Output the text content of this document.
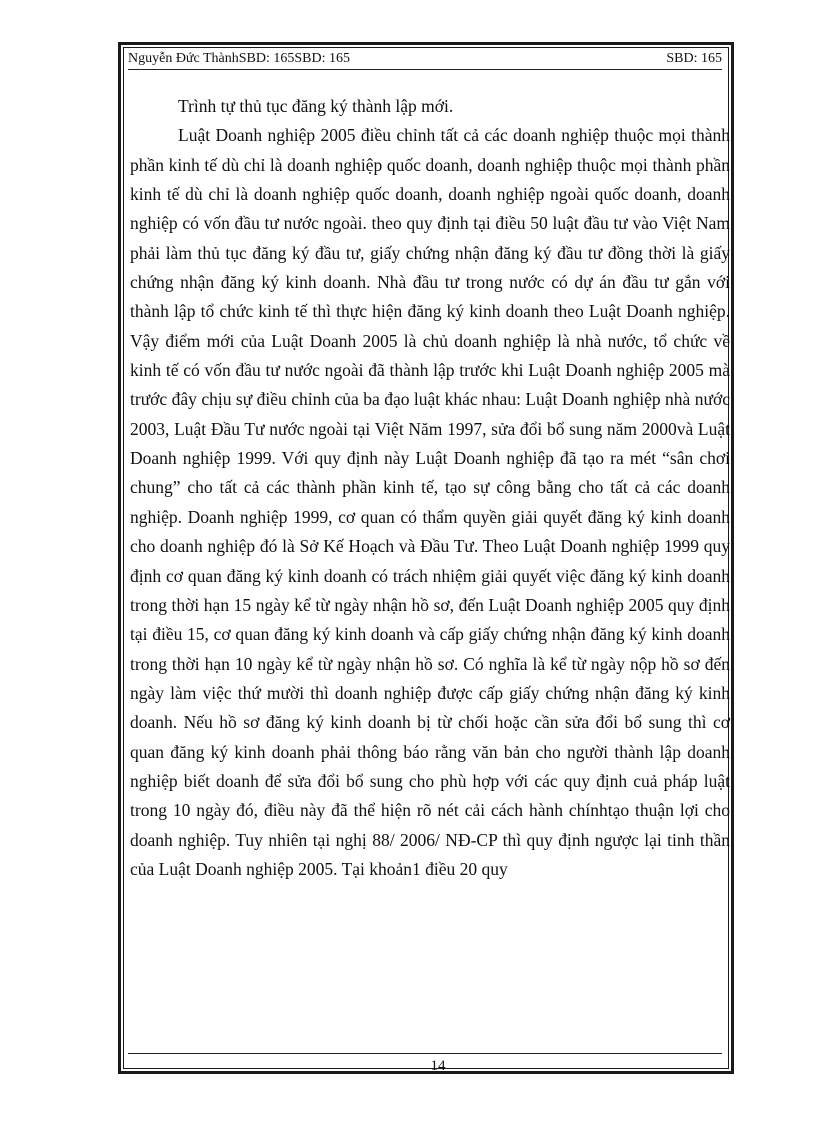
Nguyễn Đức ThànhSBD: 165SBD: 165	SBD: 165

Trình tự thủ tục đăng ký thành lập mới.

Luật Doanh nghiệp 2005 điều chỉnh tất cả các doanh nghiệp thuộc mọi thành phần kinh tế dù chỉ là doanh nghiệp quốc doanh, doanh nghiệp thuộc mọi thành phần kinh tế dù chỉ là doanh nghiệp quốc doanh, doanh nghiệp ngoài quốc doanh, doanh nghiệp có vốn đầu tư nước ngoài. theo quy định tại điều 50 luật đầu tư vào Việt Nam phải làm thủ tục đăng ký đầu tư, giấy chứng nhận đăng ký đầu tư đồng thời là giấy chứng nhận đăng ký kinh doanh. Nhà đầu tư trong nước có dự án đầu tư gắn với thành lập tổ chức kinh tế thì thực hiện đăng ký kinh doanh theo Luật Doanh nghiệp. Vậy điểm mới của Luật Doanh 2005 là chủ doanh nghiệp là nhà nước, tổ chức về kinh tế có vốn đầu tư nước ngoài đã thành lập trước khi Luật Doanh nghiệp 2005 mà trước đây chịu sự điều chỉnh của ba đạo luật khác nhau: Luật Doanh nghiệp nhà nước 2003, Luật Đầu Tư nước ngoài tại Việt Năm 1997, sửa đổi bổ sung năm 2000và Luật Doanh nghiệp 1999. Với quy định này Luật Doanh nghiệp đã tạo ra mét “sân chơi chung” cho tất cả các thành phần kinh tế, tạo sự công bằng cho tất cả các doanh nghiệp. Doanh nghiệp 1999, cơ quan có thẩm quyền giải quyết đăng ký kinh doanh cho doanh nghiệp đó là Sở Kế Hoạch và Đầu Tư. Theo Luật Doanh nghiệp 1999 quy định cơ quan đăng ký kinh doanh có trách nhiệm giải quyết việc đăng ký kinh doanh trong thời hạn 15 ngày kể từ ngày nhận hồ sơ, đến Luật Doanh nghiệp 2005 quy định tại điều 15, cơ quan đăng ký kinh doanh và cấp giấy chứng nhận đăng ký kinh doanh trong thời hạn 10 ngày kể từ ngày nhận hồ sơ. Có nghĩa là kể từ ngày nộp hồ sơ đến ngày làm việc thứ mười thì doanh nghiệp được cấp giấy chứng nhận đăng ký kinh doanh. Nếu hồ sơ đăng ký kinh doanh bị từ chối hoặc cần sửa đổi bổ sung thì cơ quan đăng ký kinh doanh phải thông báo rằng văn bản cho người thành lập doanh nghiệp biết doanh để sửa đổi bổ sung cho phù hợp với các quy định cuả pháp luật trong 10 ngày đó, điều này đã thể hiện rõ nét cải cách hành chínhtạo thuận lợi cho doanh nghiệp. Tuy nhiên tại nghị 88/ 2006/ NĐ-CP thì quy định ngược lại tinh thần của Luật Doanh nghiệp 2005. Tại khoản1 điều 20 quy

14
